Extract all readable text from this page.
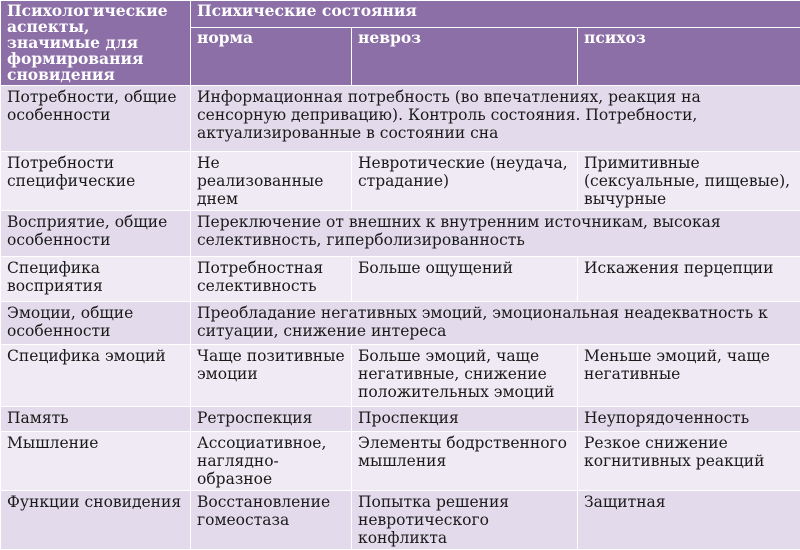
Психологические аспекты, значимые для формирования сновидения	Психические состояния		
	норма	невроз	психоз
Потребности, общие особенности	Информационная потребность (во впечатлениях, реакция на сенсорную депривацию). Контроль состояния. Потребности, актуализированные в состоянии сна		
Потребности специфические	Не реализованные днем	Невротические (неудача, страдание)	Примитивные (сексуальные, пищевые), вычурные
Восприятие, общие особенности	Переключение от внешних к внутренним источникам, высокая селективность, гиперболизированность		
Специфика восприятия	Потребностная селективность	Больше ощущений	Искажения перцепции
Эмоции, общие особенности	Преобладание негативных эмоций, эмоциональная неадекватность к ситуации, снижение интереса		
Специфика эмоций	Чаще позитивные эмоции	Больше эмоций, чаще негативные, снижение положительных эмоций	Меньше эмоций, чаще негативные
Память	Ретроспекция	Проспекция	Неупорядоченность
Мышление	Ассоциативное, наглядно-образное	Элементы бодрственного мышления	Резкое снижение когнитивных реакций
Функции сновидения	Восстановление гомеостаза	Попытка решения невротического конфликта	Защитная
